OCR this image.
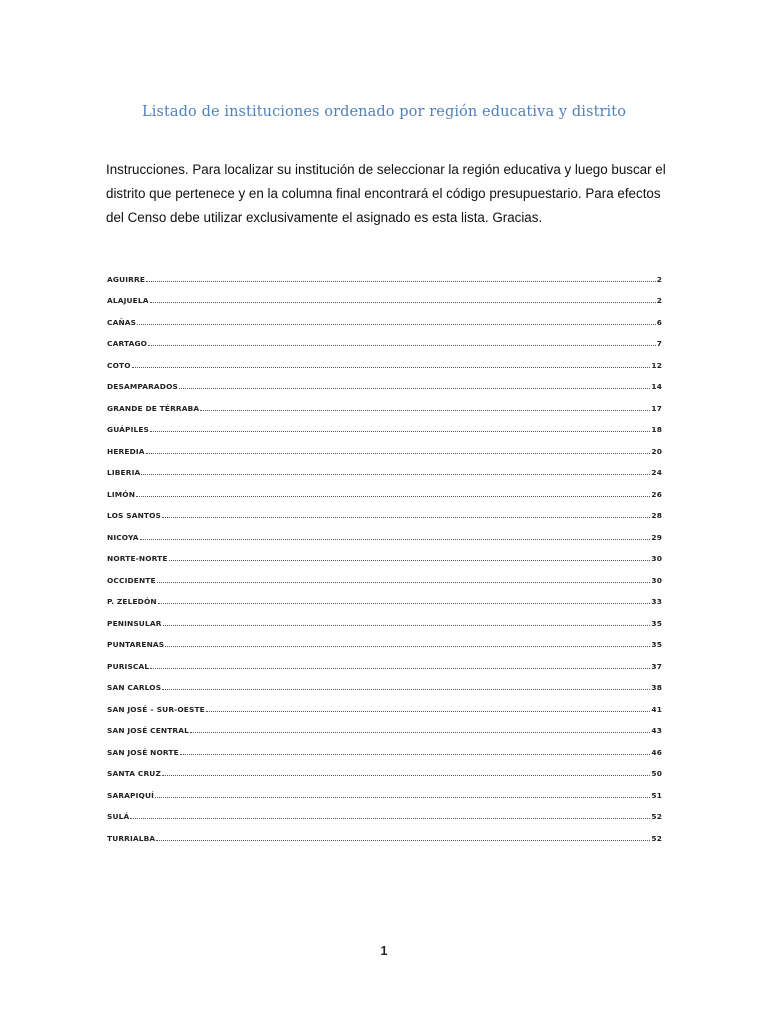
Listado de instituciones ordenado por región educativa y distrito
Instrucciones. Para localizar su institución de seleccionar la región educativa y luego buscar el distrito que pertenece y en la columna final encontrará el código presupuestario. Para efectos del Censo debe utilizar exclusivamente el asignado es esta lista. Gracias.
AGUIRRE	2
ALAJUELA	2
CAÑAS	6
CARTAGO	7
COTO	12
DESAMPARADOS	14
GRANDE DE TÉRRABA	17
GUÁPILES	18
HEREDIA	20
LIBERIA	24
LIMÓN	26
LOS SANTOS	28
NICOYA	29
NORTE-NORTE	30
OCCIDENTE	30
P. ZELEDÓN	33
PENINSULAR	35
PUNTARENAS	35
PURISCAL	37
SAN CARLOS	38
SAN JOSÉ – SUR-OESTE	41
SAN JOSÉ CENTRAL	43
SAN JOSÉ NORTE	46
SANTA CRUZ	50
SARAPIQUÍ	51
SULÁ	52
TURRIALBA	52
1
